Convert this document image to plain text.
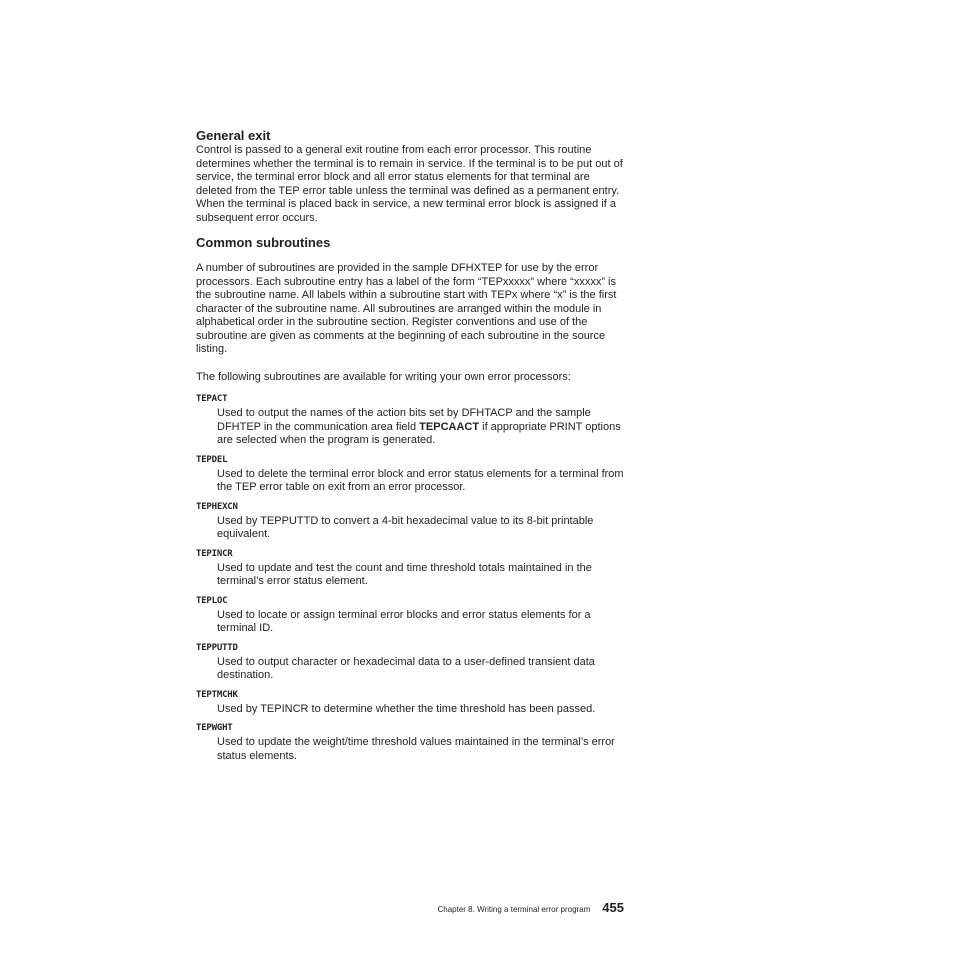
General exit

Control is passed to a general exit routine from each error processor. This routine determines whether the terminal is to remain in service. If the terminal is to be put out of service, the terminal error block and all error status elements for that terminal are deleted from the TEP error table unless the terminal was defined as a permanent entry. When the terminal is placed back in service, a new terminal error block is assigned if a subsequent error occurs.

Common subroutines

A number of subroutines are provided in the sample DFHXTEP for use by the error processors. Each subroutine entry has a label of the form “TEPxxxxx” where “xxxxx” is the subroutine name. All labels within a subroutine start with TEPx where “x” is the first character of the subroutine name. All subroutines are arranged within the module in alphabetical order in the subroutine section. Register conventions and use of the subroutine are given as comments at the beginning of each subroutine in the source listing.

The following subroutines are available for writing your own error processors:

TEPACT
Used to output the names of the action bits set by DFHTACP and the sample DFHTEP in the communication area field TEPCAACT if appropriate PRINT options are selected when the program is generated.
TEPDEL
Used to delete the terminal error block and error status elements for a terminal from the TEP error table on exit from an error processor.
TEPHEXCN
Used by TEPPUTTD to convert a 4-bit hexadecimal value to its 8-bit printable equivalent.
TEPINCR
Used to update and test the count and time threshold totals maintained in the terminal’s error status element.
TEPLOC
Used to locate or assign terminal error blocks and error status elements for a terminal ID.
TEPPUTTD
Used to output character or hexadecimal data to a user-defined transient data destination.
TEPTMCHK
Used by TEPINCR to determine whether the time threshold has been passed.
TEPWGHT
Used to update the weight/time threshold values maintained in the terminal’s error status elements.
Chapter 8. Writing a terminal error program 455
